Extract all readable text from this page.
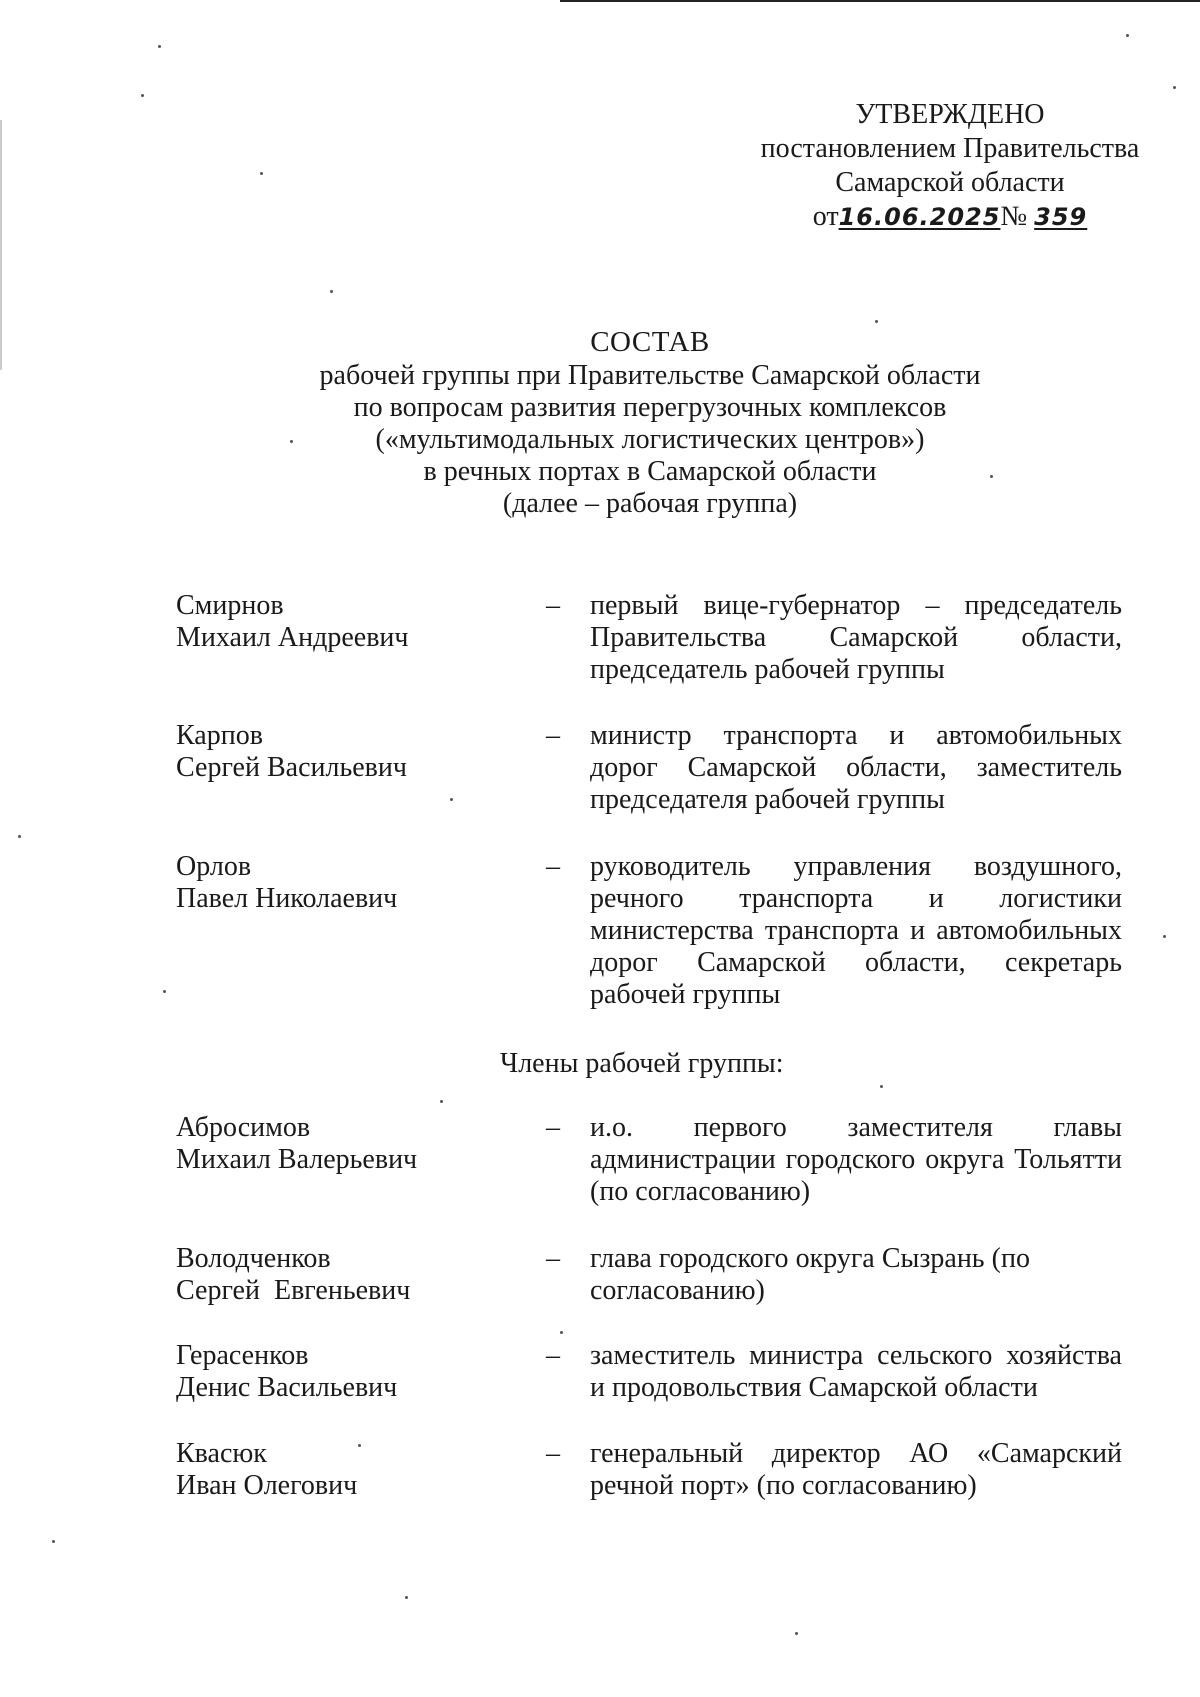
УТВЕРЖДЕНО
постановлением Правительства
Самарской области
от16.06.2025№ 359
СОСТАВ
рабочей группы при Правительстве Самарской области
по вопросам развития перегрузочных комплексов
(«мультимодальных логистических центров»)
в речных портах в Самарской области
(далее – рабочая группа)
Смирнов
Михаил Андреевич
– первый вице-губернатор – председатель Правительства Самарской области, председатель рабочей группы
Карпов
Сергей Васильевич
– министр транспорта и автомобильных дорог Самарской области, заместитель председателя рабочей группы
Орлов
Павел Николаевич
– руководитель управления воздушного, речного транспорта и логистики министерства транспорта и автомобильных дорог Самарской области, секретарь рабочей группы
Члены рабочей группы:
Абросимов
Михаил Валерьевич
– и.о. первого заместителя главы администрации городского округа Тольятти (по согласованию)
Володченков
Сергей  Евгеньевич
– глава городского округа Сызрань (по согласованию)
Герасенков
Денис Васильевич
– заместитель министра сельского хозяйства и продовольствия Самарской области
Квасюк
Иван Олегович
– генеральный директор АО «Самарский речной порт» (по согласованию)
